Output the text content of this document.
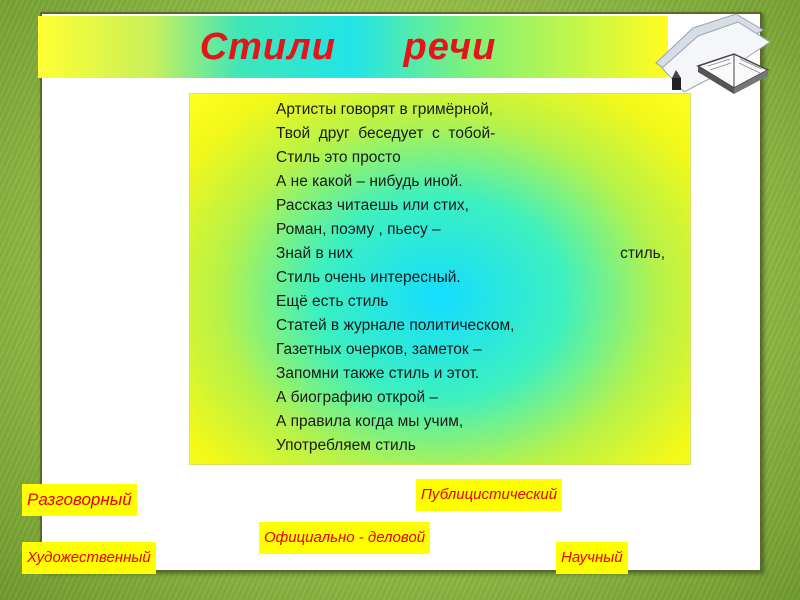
Стили речи
Артисты говорят в гримёрной,
Твой  друг  беседует  с  тобой-
Стиль это просто
А не какой – нибудь иной.
Рассказ читаешь или стих,
Роман, поэму , пьесу –
Знай в них	стиль,
Стиль очень интересный.
Ещё есть стиль
Статей в журнале политическом,
Газетных очерков, заметок –
Запомни также стиль и этот.
А биографию открой –
А правила когда мы учим,
Употребляем стиль
Разговорный	Публицистический
Официально - деловой
Художественный	Научный
